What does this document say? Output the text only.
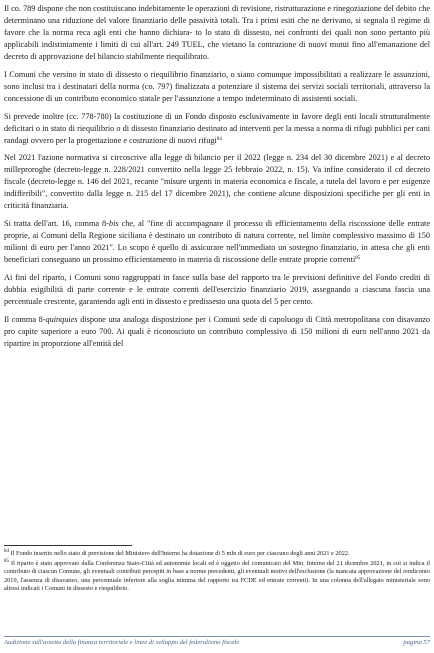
Il co. 789 dispone che non costituiscano indebitamente le operazioni di revisione, ristrutturazione e rinegoziazione del debito che determinano una riduzione del valore finanziario delle passività totali. Tra i primi esiti che ne derivano, si segnala il regime di favore che la norma reca agli enti che hanno dichiara- to lo stato di dissesto, nei confronti dei quali non sono pertanto più applicabili indistintamente i limiti di cui all'art. 249 TUEL, che vietano la contrazione di nuovi mutui fino all'emanazione del decreto di approvazione del bilancio stabilmente riequilibrato.

I Comuni che versino in stato di dissesto o riequilibrio finanziario, o siano comunque impossibilitati a realizzare le assunzioni, sono inclusi tra i destinatari della norma (co. 797) finalizzata a potenziare il sistema dei servizi sociali territoriali, attraverso la concessione di un contributo economico statale per l'assunzione a tempo indeterminato di assistenti sociali.

Si prevede inoltre (cc. 778-780) la costituzione di un Fondo disposto esclusivamente in favore degli enti locali strutturalmente deficitari o in stato di riequilibrio o di dissesto finanziario destinato ad interventi per la messa a norma di rifugi pubblici per cani randagi ovvero per la progettazione e costruzione di nuovi rifugi$^{84}$

Nel 2021 l'azione normativa si circoscrive alla legge di bilancio per il 2022 (legge n. 234 del 30 dicembre 2021) e al decreto milleproroghe (decreto-legge n. 228/2021 convertito nella legge 25 febbraio 2022, n. 15). Va infine considerato il cd decreto fiscale (decreto-legge n. 146 del 2021, recante "misure urgenti in materia economica e fiscale, a tutela del lavoro e per esigenze indifferibili", convertito dalla legge n. 215 del 17 dicembre 2021), che contiene alcune disposizioni specifiche per gli enti in criticità finanziaria.

Si tratta dell'art. 16, comma 8-bis che, al "fine di accompagnare il processo di efficientamento della riscossione delle entrate proprie, ai Comuni della Regione siciliana è destinato un contributo di natura corrente, nel limite complessivo massimo di 150 milioni di euro per l'anno 2021". Lo scopo è quello di assicurare nell'immediato un sostegno finanziario, in attesa che gli enti beneficiari conseguano un prossimo efficientamento in materia di riscossione delle entrate proprie correnti$^{85}$

Ai fini del riparto, i Comuni sono raggruppati in fasce sulla base del rapporto tra le previsioni definitive del Fondo crediti di dubbia esigibilità di parte corrente e le entrate correnti dell'esercizio finanziario 2019, assegnando a ciascuna fascia una percentuale crescente, garantendo agli enti in dissesto e predissesto una quota del 5 per cento.

Il comma 8-quinquies dispone una analoga disposizione per i Comuni sede di capoluogo di Città metropolitana con disavanzo pro capite superiore a euro 700. Ai quali è riconosciuto un contributo complessivo di 150 milioni di euro nell'anno 2021 da ripartire in proporzione all'entità del

$^{84}$ Il Fondo inserito nello stato di previsione del Ministero dell'Interno ha dotazione di 5 mln di euro per ciascuno degli anni 2021 e 2022.

$^{85}$ Il riparto è stato approvato dalla Conferenza Stato-Città ed autonomie locali ed è oggetto del comunicato del Min. Interno del 21 dicembre 2021, in cui si indica il contributo di ciascun Comune, gli eventuali contributi percepiti in base a norme precedenti, gli eventuali motivi dell'esclusione (la mancata approvazione del rendiconto 2019, l'assenza di disavanzo, una percentuale inferiore alla soglia minima del rapporto tra FCDE ed entrate correnti). In una colonna dell'allegato ministeriale sono altresì indicati i Comuni in dissesto e riequilibrio.

Audizione sull'assetto della finanza territoriale e linee di sviluppo del federalismo fiscale	pagina 57
